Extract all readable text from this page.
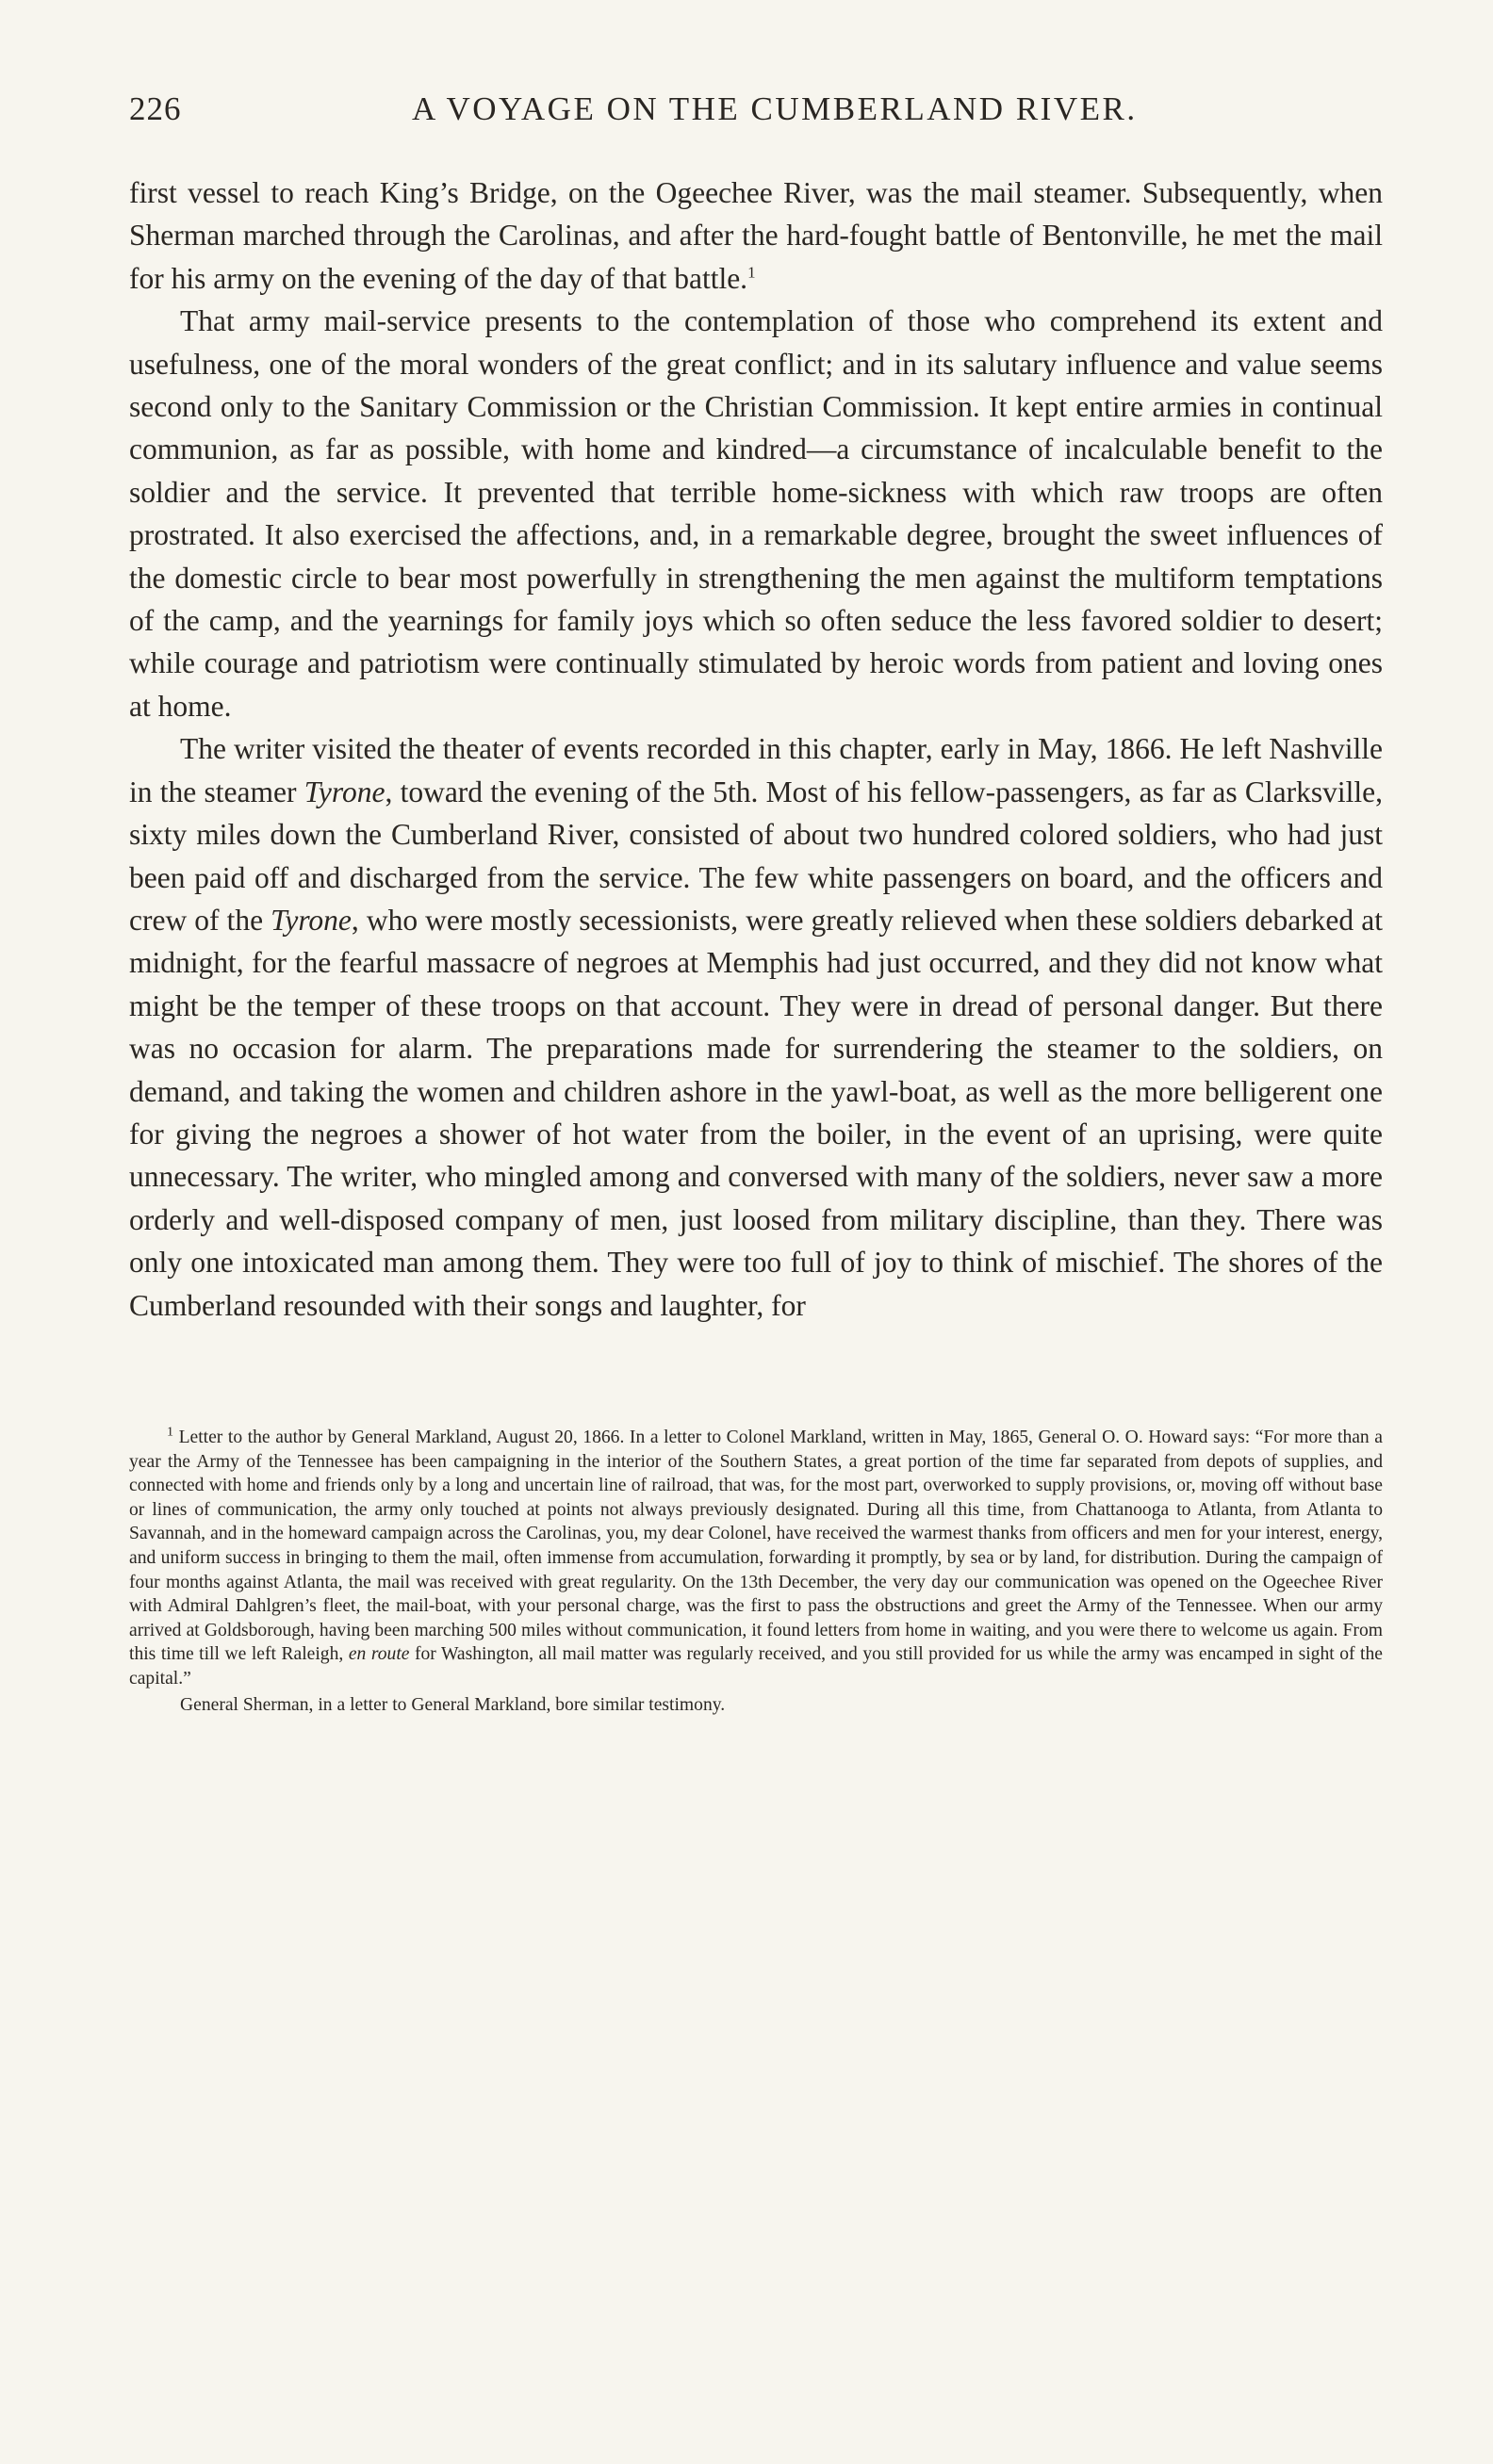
226	A VOYAGE ON THE CUMBERLAND RIVER.

first vessel to reach King’s Bridge, on the Ogeechee River, was the mail steamer. Subsequently, when Sherman marched through the Carolinas, and after the hard-fought battle of Bentonville, he met the mail for his army on the evening of the day of that battle.$^1$

That army mail-service presents to the contemplation of those who comprehend its extent and usefulness, one of the moral wonders of the great conflict; and in its salutary influence and value seems second only to the Sanitary Commission or the Christian Commission. It kept entire armies in continual communion, as far as possible, with home and kindred—a circumstance of incalculable benefit to the soldier and the service. It prevented that terrible home-sickness with which raw troops are often prostrated. It also exercised the affections, and, in a remarkable degree, brought the sweet influences of the domestic circle to bear most powerfully in strengthening the men against the multiform temptations of the camp, and the yearnings for family joys which so often seduce the less favored soldier to desert; while courage and patriotism were continually stimulated by heroic words from patient and loving ones at home.

The writer visited the theater of events recorded in this chapter, early in May, 1866. He left Nashville in the steamer Tyrone, toward the evening of the 5th. Most of his fellow-passengers, as far as Clarksville, sixty miles down the Cumberland River, consisted of about two hundred colored soldiers, who had just been paid off and discharged from the service. The few white passengers on board, and the officers and crew of the Tyrone, who were mostly secessionists, were greatly relieved when these soldiers debarked at midnight, for the fearful massacre of negroes at Memphis had just occurred, and they did not know what might be the temper of these troops on that account. They were in dread of personal danger. But there was no occasion for alarm. The preparations made for surrendering the steamer to the soldiers, on demand, and taking the women and children ashore in the yawl-boat, as well as the more belligerent one for giving the negroes a shower of hot water from the boiler, in the event of an uprising, were quite unnecessary. The writer, who mingled among and conversed with many of the soldiers, never saw a more orderly and well-disposed company of men, just loosed from military discipline, than they. There was only one intoxicated man among them. They were too full of joy to think of mischief. The shores of the Cumberland resounded with their songs and laughter, for

$^1$ Letter to the author by General Markland, August 20, 1866. In a letter to Colonel Markland, written in May, 1865, General O. O. Howard says: “For more than a year the Army of the Tennessee has been campaigning in the interior of the Southern States, a great portion of the time far separated from depots of supplies, and connected with home and friends only by a long and uncertain line of railroad, that was, for the most part, overworked to supply provisions, or, moving off without base or lines of communication, the army only touched at points not always previously designated. During all this time, from Chattanooga to Atlanta, from Atlanta to Savannah, and in the homeward campaign across the Carolinas, you, my dear Colonel, have received the warmest thanks from officers and men for your interest, energy, and uniform success in bringing to them the mail, often immense from accumulation, forwarding it promptly, by sea or by land, for distribution. During the campaign of four months against Atlanta, the mail was received with great regularity. On the 13th December, the very day our communication was opened on the Ogeechee River with Admiral Dahlgren’s fleet, the mail-boat, with your personal charge, was the first to pass the obstructions and greet the Army of the Tennessee. When our army arrived at Goldsborough, having been marching 500 miles without communication, it found letters from home in waiting, and you were there to welcome us again. From this time till we left Raleigh, en route for Washington, all mail matter was regularly received, and you still provided for us while the army was encamped in sight of the capital.”

General Sherman, in a letter to General Markland, bore similar testimony.
